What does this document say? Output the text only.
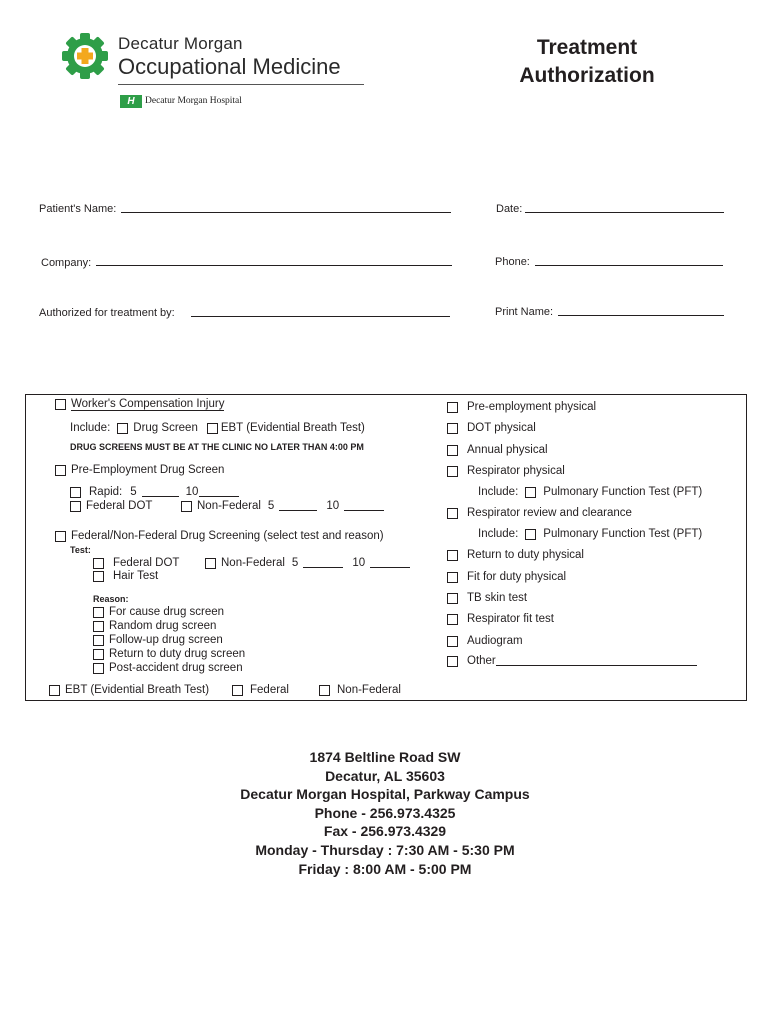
Decatur Morgan
Occupational Medicine
H	Decatur Morgan Hospital
Treatment
Authorization
Patient's Name:	Date:
Company:	Phone:
Authorized for treatment by:	Print Name:
Worker's Compensation Injury
Include: Drug Screen EBT (Evidential Breath Test)
DRUG SCREENS MUST BE AT THE CLINIC NO LATER THAN 4:00 PM
Pre-Employment Drug Screen
Rapid: 5	10
Federal DOT	Non-Federal 5	10
Federal/Non-Federal Drug Screening (select test and reason)
Test:
Federal DOT	Non-Federal 5	10
Hair Test
Reason:
For cause drug screen
Random drug screen
Follow-up drug screen
Return to duty drug screen
Post-accident drug screen
EBT (Evidential Breath Test)	Federal	Non-Federal
Pre-employment physical
DOT physical
Annual physical
Respirator physical
Include: Pulmonary Function Test (PFT)
Respirator review and clearance
Include: Pulmonary Function Test (PFT)
Return to duty physical
Fit for duty physical
TB skin test
Respirator fit test
Audiogram
Other
1874 Beltline Road SW
Decatur, AL 35603
Decatur Morgan Hospital, Parkway Campus
Phone - 256.973.4325
Fax - 256.973.4329
Monday - Thursday : 7:30 AM - 5:30 PM
Friday : 8:00 AM - 5:00 PM
